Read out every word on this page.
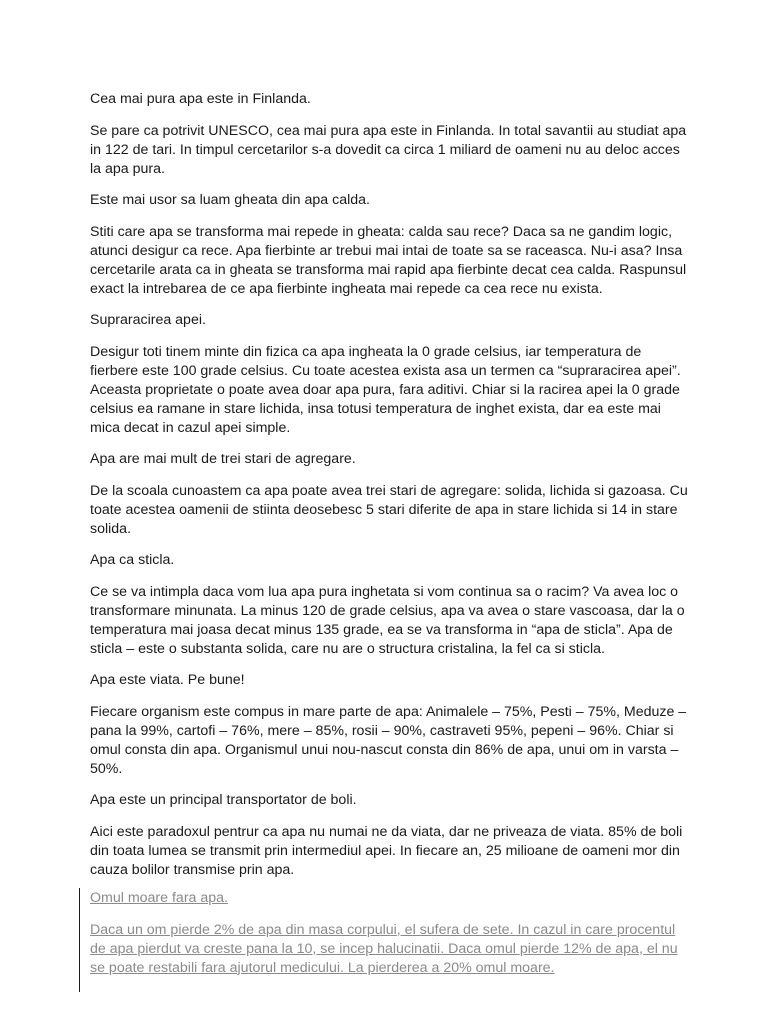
Cea mai pura apa este in Finlanda.

Se pare ca potrivit UNESCO, cea mai pura apa este in Finlanda. In total savantii au studiat apa in 122 de tari. In timpul cercetarilor s-a dovedit ca circa 1 miliard de oameni nu au deloc acces la apa pura.

Este mai usor sa luam gheata din apa calda.

Stiti care apa se transforma mai repede in gheata: calda sau rece? Daca sa ne gandim logic, atunci desigur ca rece. Apa fierbinte ar trebui mai intai de toate sa se raceasca. Nu-i asa? Insa cercetarile arata ca in gheata se transforma mai rapid apa fierbinte decat cea calda. Raspunsul exact la intrebarea de ce apa fierbinte ingheata mai repede ca cea rece nu exista.

Supraracirea apei.

Desigur toti tinem minte din fizica ca apa ingheata la 0 grade celsius, iar temperatura de fierbere este 100 grade celsius. Cu toate acestea exista asa un termen ca “supraracirea apei”. Aceasta proprietate o poate avea doar apa pura, fara aditivi. Chiar si la racirea apei la 0 grade celsius ea ramane in stare lichida, insa totusi temperatura de inghet exista, dar ea este mai mica decat in cazul apei simple.

Apa are mai mult de trei stari de agregare.

De la scoala cunoastem ca apa poate avea trei stari de agregare: solida, lichida si gazoasa. Cu toate acestea oamenii de stiinta deosebesc 5 stari diferite de apa in stare lichida si 14 in stare solida.

Apa ca sticla.

Ce se va intimpla daca vom lua apa pura inghetata si vom continua sa o racim? Va avea loc o transformare minunata. La minus 120 de grade celsius, apa va avea o stare vascoasa, dar la o temperatura mai joasa decat minus 135 grade, ea se va transforma in “apa de sticla”. Apa de sticla – este o substanta solida, care nu are o structura cristalina, la fel ca si sticla.

Apa este viata. Pe bune!

Fiecare organism este compus in mare parte de apa: Animalele – 75%, Pesti – 75%, Meduze – pana la 99%, cartofi – 76%, mere – 85%, rosii – 90%, castraveti 95%, pepeni – 96%. Chiar si omul consta din apa. Organismul unui nou-nascut consta din 86% de apa, unui om in varsta – 50%.

Apa este un principal transportator de boli.

Aici este paradoxul pentrur ca apa nu numai ne da viata, dar ne priveaza de viata. 85% de boli din toata lumea se transmit prin intermediul apei. In fiecare an, 25 milioane de oameni mor din cauza bolilor transmise prin apa.

Omul moare fara apa.

Daca un om pierde 2% de apa din masa corpului, el sufera de sete. In cazul in care procentul de apa pierdut va creste pana la 10, se incep halucinatii. Daca omul pierde 12% de apa, el nu se poate restabili fara ajutorul medicului. La pierderea a 20% omul moare.
